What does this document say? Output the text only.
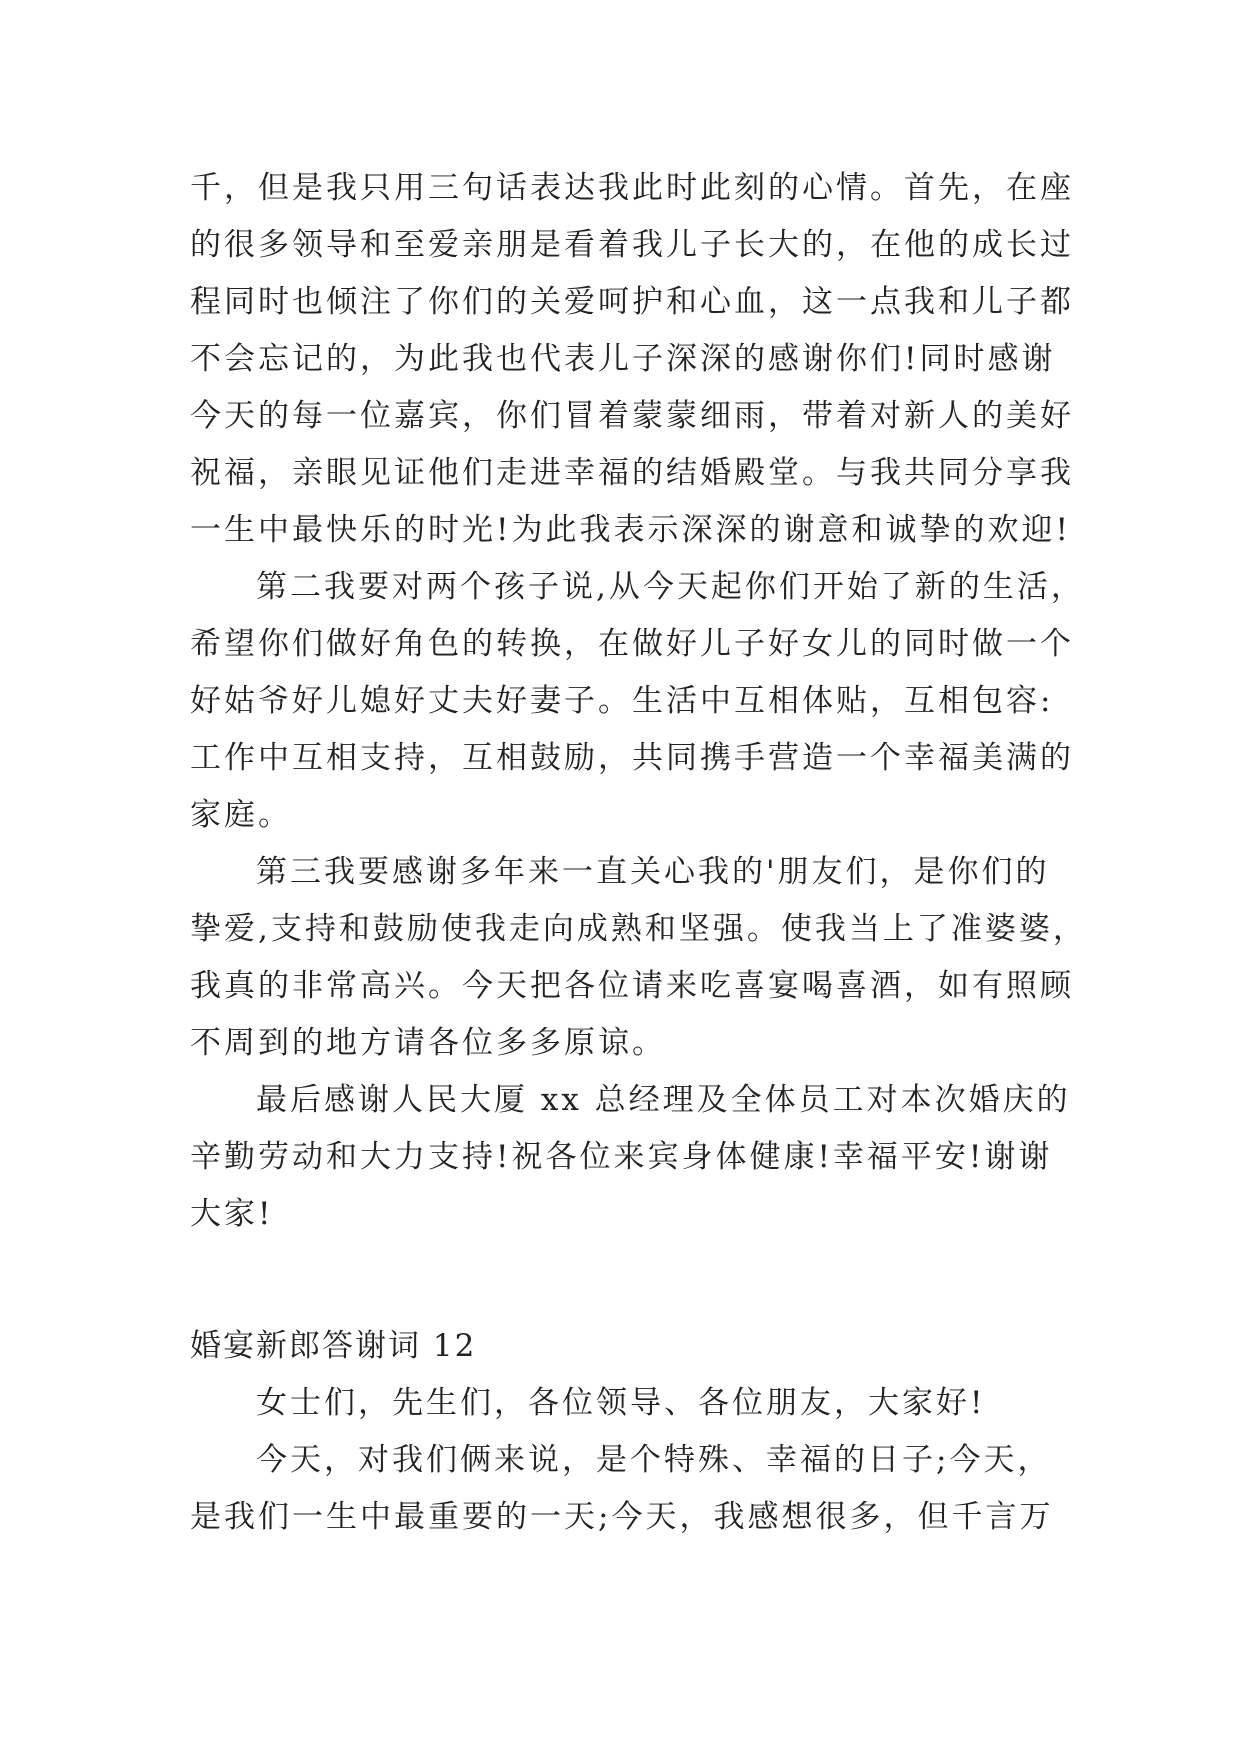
千，但是我只用三句话表达我此时此刻的心情。首先，在座
的很多领导和至爱亲朋是看着我儿子长大的，在他的成长过
程同时也倾注了你们的关爱呵护和心血，这一点我和儿子都
不会忘记的，为此我也代表儿子深深的感谢你们!同时感谢
今天的每一位嘉宾，你们冒着蒙蒙细雨，带着对新人的美好
祝福，亲眼见证他们走进幸福的结婚殿堂。与我共同分享我
一生中最快乐的时光!为此我表示深深的谢意和诚挚的欢迎!
第二我要对两个孩子说,从今天起你们开始了新的生活，
希望你们做好角色的转换，在做好儿子好女儿的同时做一个
好姑爷好儿媳好丈夫好妻子。生活中互相体贴，互相包容:
工作中互相支持，互相鼓励，共同携手营造一个幸福美满的
家庭。
第三我要感谢多年来一直关心我的'朋友们，是你们的
挚爱,支持和鼓励使我走向成熟和坚强。使我当上了准婆婆，
我真的非常高兴。今天把各位请来吃喜宴喝喜酒，如有照顾
不周到的地方请各位多多原谅。
最后感谢人民大厦 xx 总经理及全体员工对本次婚庆的
辛勤劳动和大力支持!祝各位来宾身体健康!幸福平安!谢谢
大家!
婚宴新郎答谢词 12
女士们，先生们，各位领导、各位朋友，大家好!
今天，对我们俩来说，是个特殊、幸福的日子;今天，
是我们一生中最重要的一天;今天，我感想很多，但千言万
